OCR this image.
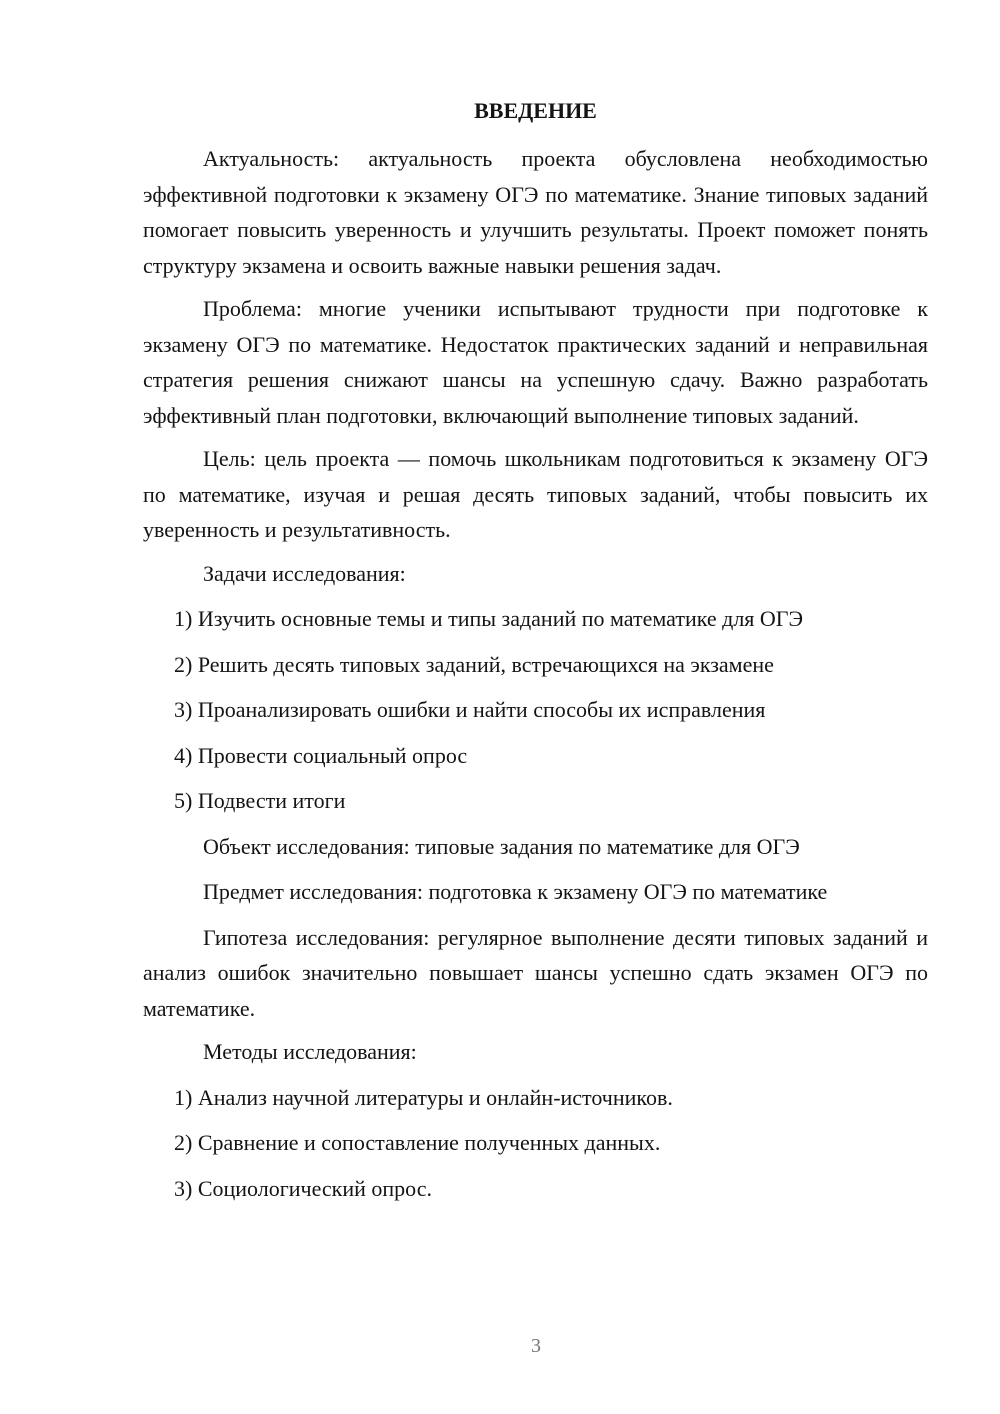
ВВЕДЕНИЕ

Актуальность: актуальность проекта обусловлена необходимостью эффективной подготовки к экзамену ОГЭ по математике. Знание типовых заданий помогает повысить уверенность и улучшить результаты. Проект поможет понять структуру экзамена и освоить важные навыки решения задач.

Проблема: многие ученики испытывают трудности при подготовке к экзамену ОГЭ по математике. Недостаток практических заданий и неправильная стратегия решения снижают шансы на успешную сдачу. Важно разработать эффективный план подготовки, включающий выполнение типовых заданий.

Цель: цель проекта — помочь школьникам подготовиться к экзамену ОГЭ по математике, изучая и решая десять типовых заданий, чтобы повысить их уверенность и результативность.

Задачи исследования:

1) Изучить основные темы и типы заданий по математике для ОГЭ
2) Решить десять типовых заданий, встречающихся на экзамене
3) Проанализировать ошибки и найти способы их исправления
4) Провести социальный опрос
5) Подвести итоги

Объект исследования: типовые задания по математике для ОГЭ

Предмет исследования: подготовка к экзамену ОГЭ по математике

Гипотеза исследования: регулярное выполнение десяти типовых заданий и анализ ошибок значительно повышает шансы успешно сдать экзамен ОГЭ по математике.

Методы исследования:

1) Анализ научной литературы и онлайн-источников.
2) Сравнение и сопоставление полученных данных.
3) Социологический опрос.
3
